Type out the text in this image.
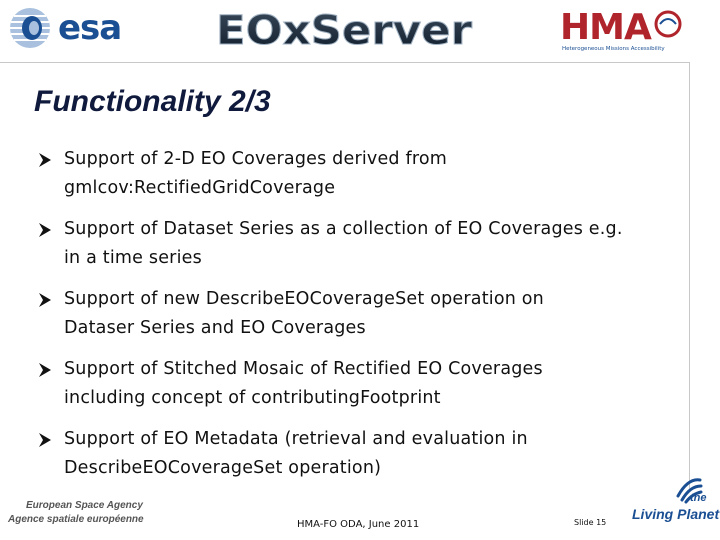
esa EOxServer HMA
Heterogeneous Missions Accessibility
Functionality 2/3
Support of 2-D EO Coverages derived from
gmlcov:RectifiedGridCoverage
Support of Dataset Series as a collection of EO Coverages e.g.
in a time series
Support of new DescribeEOCoverageSet operation on
Dataser Series and EO Coverages
Support of Stitched Mosaic of Rectified EO Coverages
including concept of contributingFootprint
Support of EO Metadata (retrieval and evaluation in
DescribeEOCoverageSet operation)
European Space Agency
Agence spatiale européenne	HMA-FO ODA, June 2011	Slide 15
the
Living Planet
